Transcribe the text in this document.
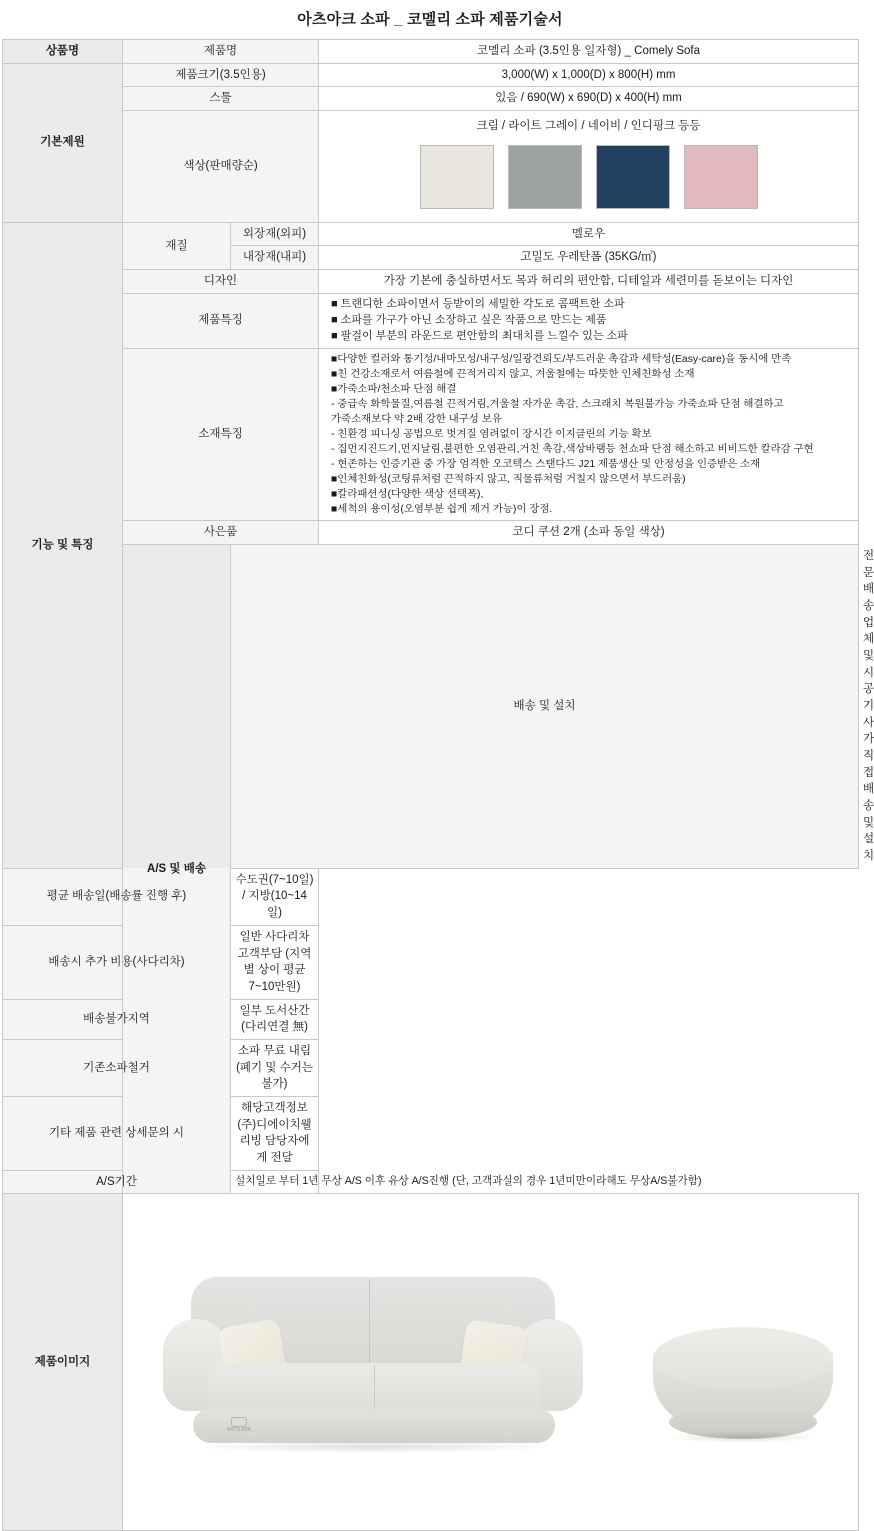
아츠아크 소파 _ 코멜리 소파 제품기술서
상품명	제품명		코멜리 소파 (3.5인용 일자형) _ Comely Sofa	
기본제원	제품크기(3.5인용)		3,000(W) x 1,000(D) x 800(H) mm	
	스툴		있음 / 690(W) x 690(D) x 400(H) mm	
	색상(판매량순)		크림 / 라이트 그레이 / 네이비 / 인디핑크 등등	

기능 및 특징	재질	외장재(외피)	멜로우	
		내장재(내피)	고밀도 우레탄폼 (35KG/㎡)	
	디자인		가장 기본에 충실하면서도 목과 허리의 편안함, 디테일과 세련미를 돋보이는 디자인	
	제품특징		■ 트랜디한 소파이면서 등받이의 세밀한 각도로 콤팩트한 소파
■ 소파를 가구가 아닌 소장하고 싶은 작품으로 만드는 제품
■ 팔걸이 부분의 라운드로 편안함의 최대치를 느낄수 있는 소파	

소재특징	
■다양한 컬러와 통기성/내마모성/내구성/일광견뢰도/부드러운 촉감과 세탁성(Easy-care)을 동시에 만족
■친 건강소재로서 여름철에 끈적거리지 않고, 겨울철에는 따뜻한 인체친화성 소재
■가죽소파/천소파 단점 해결
- 중급속 화학물질,여름철 끈적거림,겨울철 자가운 촉감, 스크래치 복원불가능 가죽쇼파 단점 해결하고
가죽소재보다 약 2배 강한 내구성 보유
- 친환경 피니싱 공법으로 벗겨질 염려없이 장시간 이지클린의 기능 확보
- 집먼지진드기,먼지날림,불편한 오염관리,거친 촉감,색상바램등 천쇼파 단점 해소하고 비비드한 칼라감 구현
- 현존하는 인증기관 중 가장 엄격한 오코텍스 스탠다드 J21 제품생산 및 안정성을 인증받은 소재
■인체친화성(코팅류처럼 끈적하지 않고, 직물류처럼 거칠지 않으면서 부드러움)
■칼라패션성(다양한 색상 선택폭),
■세척의 용이성(오염부분 쉽게 제거 가능)이 장점.

	사은품		코디 쿠션 2개 (소파 동일 색상)	
	A/S 및 배송	배송 및 설치		전문배송업체 및 시공기사가 직접 배송 및 설치
평균 배송일(배송률 진행 후)		수도권(7~10일) / 지방(10~14일)		
배송시 추가 비용(사다리차)		일반 사다리차 고객부담 (지역별 상이 평균 7~10만원)		
배송불가지역		일부 도서산간(다리연결 無)		
기존소파철거		소파 무료 내림(폐기 및 수거는 불가)		
기타 제품 관련 상세문의 시		해당고객정보 (주)디에이치웰리빙 담당자에게 전달		
A/S기간		설치일로 부터 1년 무상 A/S 이후 유상 A/S진행 (단, 고객과실의 경우 1년미만이라해도 무상A/S불가함)		
제품이미지	ARTS ARK			
